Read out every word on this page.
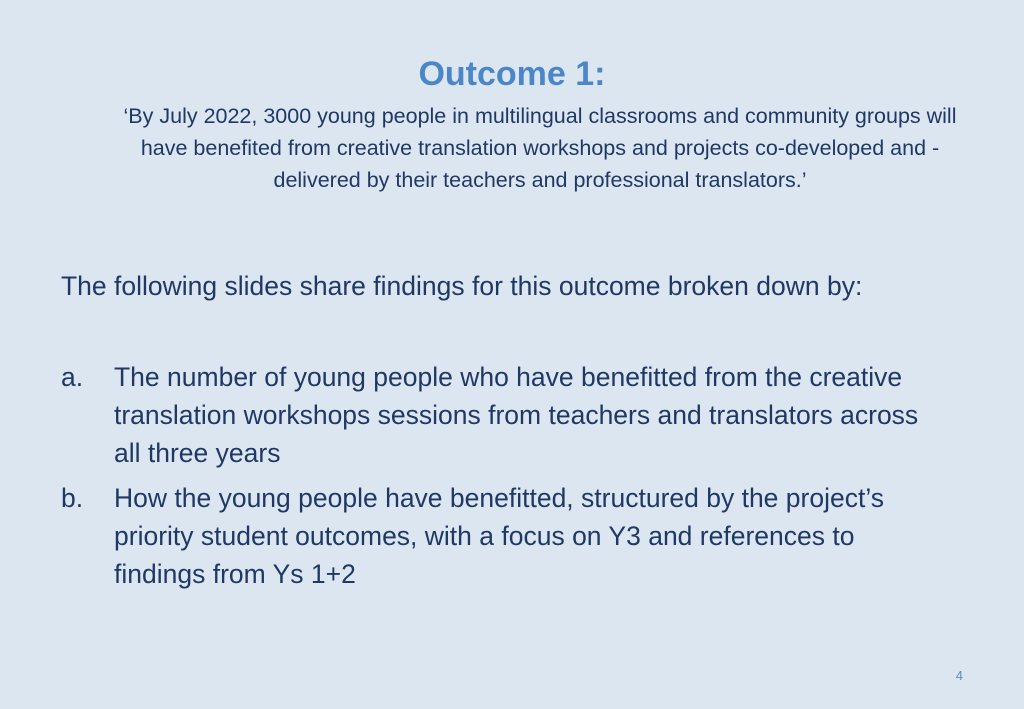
Outcome 1:

‘By July 2022, 3000 young people in multilingual classrooms and community groups will have benefited from creative translation workshops and projects co-developed and -delivered by their teachers and professional translators.’

The following slides share findings for this outcome broken down by:

a.	The number of young people who have benefitted from the creative translation workshops sessions from teachers and translators across all three years
b.	How the young people have benefitted, structured by the project’s priority student outcomes, with a focus on Y3 and references to findings from Ys 1+2
4
